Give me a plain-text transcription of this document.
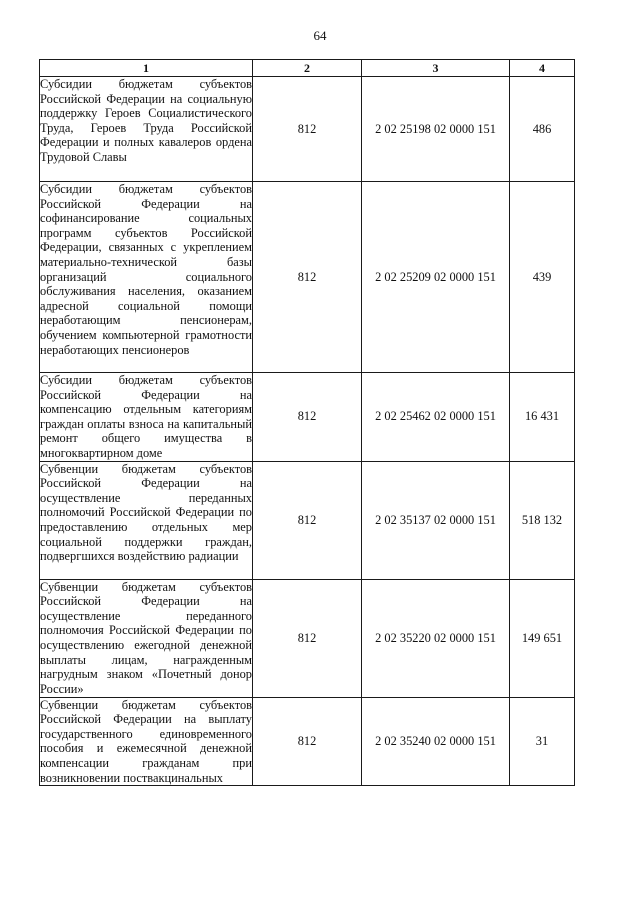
64
1	2	3	4
Субсидии бюджетам субъектов Российской Федерации на социальную поддержку Героев Социалистического Труда, Героев Труда Российской Федерации и полных кавалеров ордена Трудовой Славы	812	2 02 25198 02 0000 151	486
Субсидии бюджетам субъектов Российской Федерации на софинансирование социальных программ субъектов Российской Федерации, связанных с укреплением материально-технической базы организаций социального обслуживания населения, оказанием адресной социальной помощи неработающим пенсионерам, обучением компьютерной грамотности неработающих пенсионеров	812	2 02 25209 02 0000 151	439
Субсидии бюджетам субъектов Российской Федерации на компенсацию отдельным категориям граждан оплаты взноса на капитальный ремонт общего имущества в многоквартирном доме	812	2 02 25462 02 0000 151	16 431
Субвенции бюджетам субъектов Российской Федерации на осуществление переданных полномочий Российской Федерации по предоставлению отдельных мер социальной поддержки граждан, подвергшихся воздействию радиации	812	2 02 35137 02 0000 151	518 132
Субвенции бюджетам субъектов Российской Федерации на осуществление переданного полномочия Российской Федерации по осуществлению ежегодной денежной выплаты лицам, награжденным нагрудным знаком «Почетный донор России»	812	2 02 35220 02 0000 151	149 651
Субвенции бюджетам субъектов Российской Федерации на выплату государственного единовременного пособия и ежемесячной денежной компенсации гражданам при возникновении поствакцинальных	812	2 02 35240 02 0000 151	31
